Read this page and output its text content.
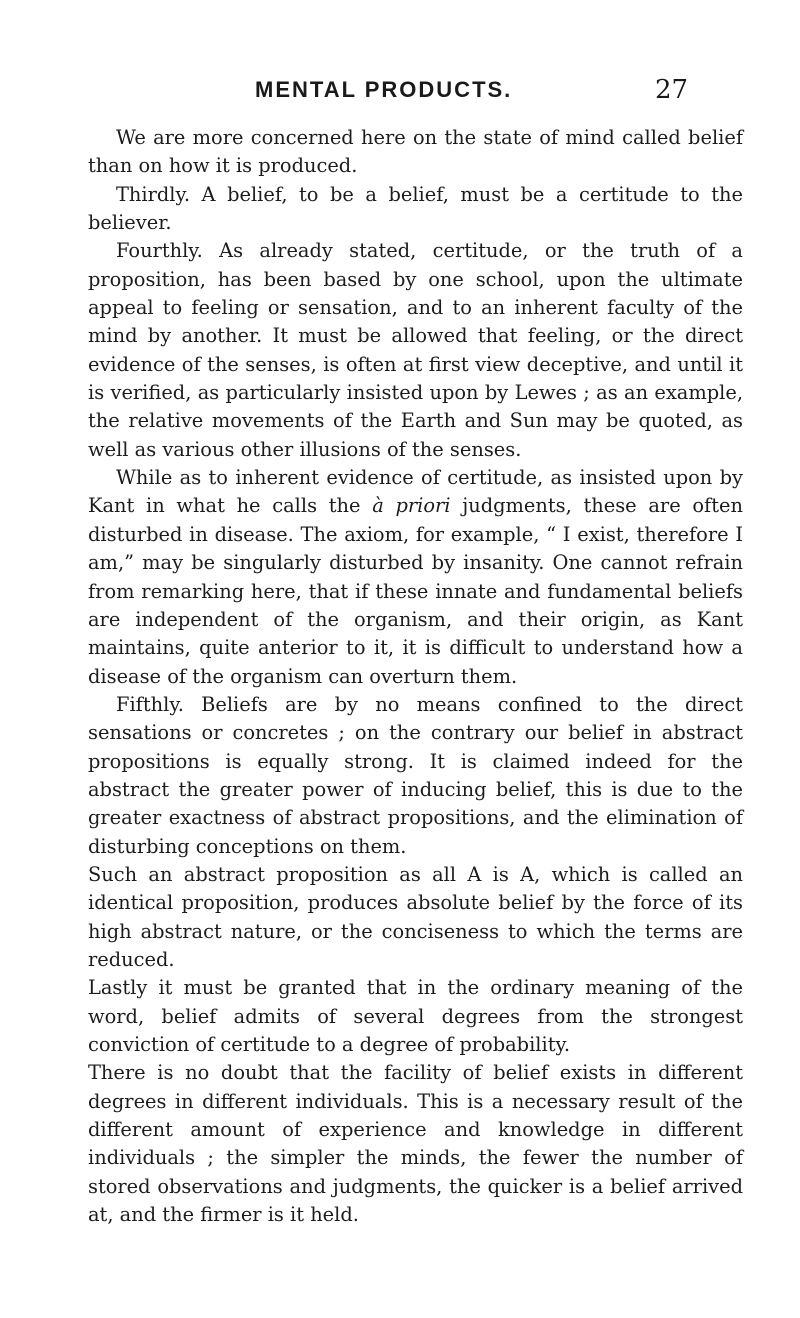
MENTAL PRODUCTS.	27

We are more concerned here on the state of mind called belief than on how it is produced.

Thirdly. A belief, to be a belief, must be a certitude to the believer.

Fourthly. As already stated, certitude, or the truth of a proposition, has been based by one school, upon the ultimate appeal to feeling or sensation, and to an inherent faculty of the mind by another. It must be allowed that feeling, or the direct evidence of the senses, is often at first view deceptive, and until it is verified, as particularly insisted upon by Lewes ; as an example, the relative movements of the Earth and Sun may be quoted, as well as various other illusions of the senses.

While as to inherent evidence of certitude, as insisted upon by Kant in what he calls the à priori judgments, these are often disturbed in disease. The axiom, for example, “ I exist, therefore I am,” may be singularly disturbed by insanity. One cannot refrain from remarking here, that if these innate and fundamental beliefs are independent of the organism, and their origin, as Kant maintains, quite anterior to it, it is difficult to understand how a disease of the organism can overturn them.

Fifthly. Beliefs are by no means confined to the direct sensations or concretes ; on the contrary our belief in abstract propositions is equally strong. It is claimed indeed for the abstract the greater power of inducing belief, this is due to the greater exactness of abstract propositions, and the elimination of disturbing conceptions on them.

Such an abstract proposition as all A is A, which is called an identical proposition, produces absolute belief by the force of its high abstract nature, or the conciseness to which the terms are reduced.

Lastly it must be granted that in the ordinary meaning of the word, belief admits of several degrees from the strongest conviction of certitude to a degree of probability.

There is no doubt that the facility of belief exists in different degrees in different individuals. This is a necessary result of the different amount of experience and knowledge in different individuals ; the simpler the minds, the fewer the number of stored observations and judgments, the quicker is a belief arrived at, and the firmer is it held.
